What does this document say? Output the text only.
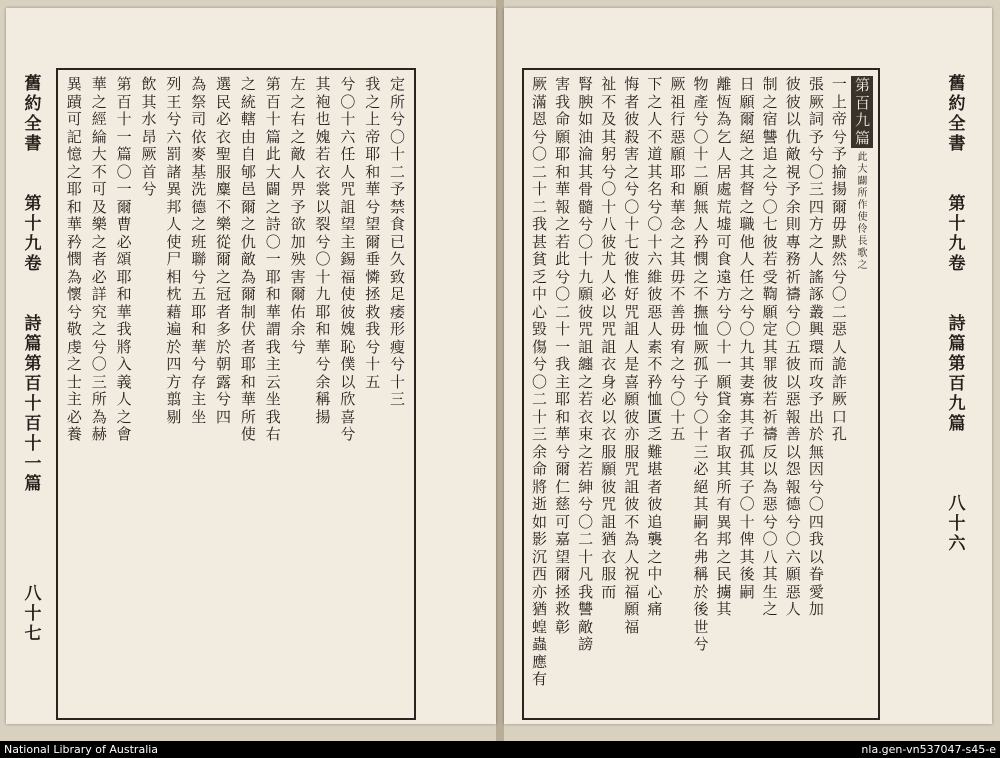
舊
約
全
書
第
十
九
卷
詩
篇
第
百
十
百
十
一
篇
八
十
七
定
所
兮
〇
十
二
予
禁
食
已
久
致
足
痿
形
瘦
兮
十
三
我
之
上
帝
耶
和
華
兮
望
爾
垂
憐
拯
救
我
兮
十
五
兮
〇
十
六
任
人
咒
詛
望
主
錫
福
使
彼
媿
恥
僕
以
欣
喜
兮
其
袍
也
媿
若
衣
裳
以
裂
兮
〇
十
九
耶
和
華
兮
余
稱
揚
左
之
右
之
敵
人
畀
予
欲
加
殃
害
爾
佑
余
兮
第
百
十
篇
此
大
闢
之
詩
〇
一
耶
和
華
謂
我
主
云
坐
我
右
之
統
轄
由
自
郇
邑
爾
之
仇
敵
為
爾
制
伏
者
耶
和
華
所
使
選
民
必
衣
聖
服
麋
不
樂
從
爾
之
冠
者
多
於
朝
露
兮
四
為
祭
司
依
麥
基
洗
德
之
班
聯
兮
五
耶
和
華
兮
存
主
坐
列
王
兮
六
罰
諸
異
邦
人
使
尸
相
枕
藉
遍
於
四
方
翦
剔
飲
其
水
昂
厥
首
兮
第
百
十
一
篇
〇
一
爾
曹
必
頌
耶
和
華
我
將
入
義
人
之
會
華
之
經
綸
大
不
可
及
樂
之
者
必
詳
究
之
兮
〇
三
所
為
赫
異
蹟
可
記
憶
之
耶
和
華
矜
憫
為
懷
兮
敬
虔
之
士
主
必
養
第
百
九
篇
此
大
闢
所
作
使
伶
長
歌
之
一
上
帝
兮
予
揄
揚
爾
毋
默
然
兮
〇
二
惡
人
詭
詐
厥
口
孔
張
厥
詞
予
兮
〇
三
四
方
之
人
謠
諑
叢
興
環
而
攻
予
出
於
無
因
兮
〇
四
我
以
眷
愛
加
彼
彼
以
仇
敵
視
予
余
則
專
務
祈
禱
兮
〇
五
彼
以
惡
報
善
以
怨
報
德
兮
〇
六
願
惡
人
制
之
宿
讐
追
之
兮
〇
七
彼
若
受
鞫
願
定
其
罪
彼
若
祈
禱
反
以
為
惡
兮
〇
八
其
生
之
日
願
爾
絕
之
其
督
之
職
他
人
任
之
兮
〇
九
其
妻
寡
其
子
孤
其
子
〇
十
俾
其
後
嗣
離
恆
為
乞
人
居
處
荒
墟
可
食
遠
方
兮
〇
十
一
願
貸
金
者
取
其
所
有
異
邦
之
民
擄
其
物
產
兮
〇
十
二
願
無
人
矜
憫
之
不
撫
恤
厥
孤
子
兮
〇
十
三
必
絕
其
嗣
名
弗
稱
於
後
世
兮
厥
祖
行
惡
願
耶
和
華
念
之
其
毋
不
善
毋
宥
之
兮
〇
十
五
下
之
人
不
道
其
名
兮
〇
十
六
維
彼
惡
人
素
不
矜
恤
匱
乏
難
堪
者
彼
追
襲
之
中
心
痛
悔
者
彼
殺
害
之
兮
〇
十
七
彼
惟
好
咒
詛
人
是
喜
願
彼
亦
服
咒
詛
彼
不
為
人
祝
福
願
福
祉
不
及
其
躬
兮
〇
十
八
彼
尤
人
必
以
咒
詛
衣
身
必
以
衣
服
願
彼
咒
詛
猶
衣
服
而
腎
腴
如
油
淪
其
骨
髓
兮
〇
十
九
願
彼
咒
詛
纏
之
若
衣
束
之
若
紳
兮
〇
二
十
凡
我
讐
敵
謗
害
我
命
願
耶
和
華
報
之
若
此
兮
〇
二
十
一
我
主
耶
和
華
兮
爾
仁
慈
可
嘉
望
爾
拯
救
彰
厥
滿
恩
兮
〇
二
十
二
我
甚
貧
乏
中
心
毀
傷
兮
〇
二
十
三
余
命
將
逝
如
影
沉
西
亦
猶
蝗
蟲
應
有
舊
約
全
書
第
十
九
卷
詩
篇
第
百
九
篇
八
十
六
National Library of Australia	nla.gen-vn537047-s45-e
